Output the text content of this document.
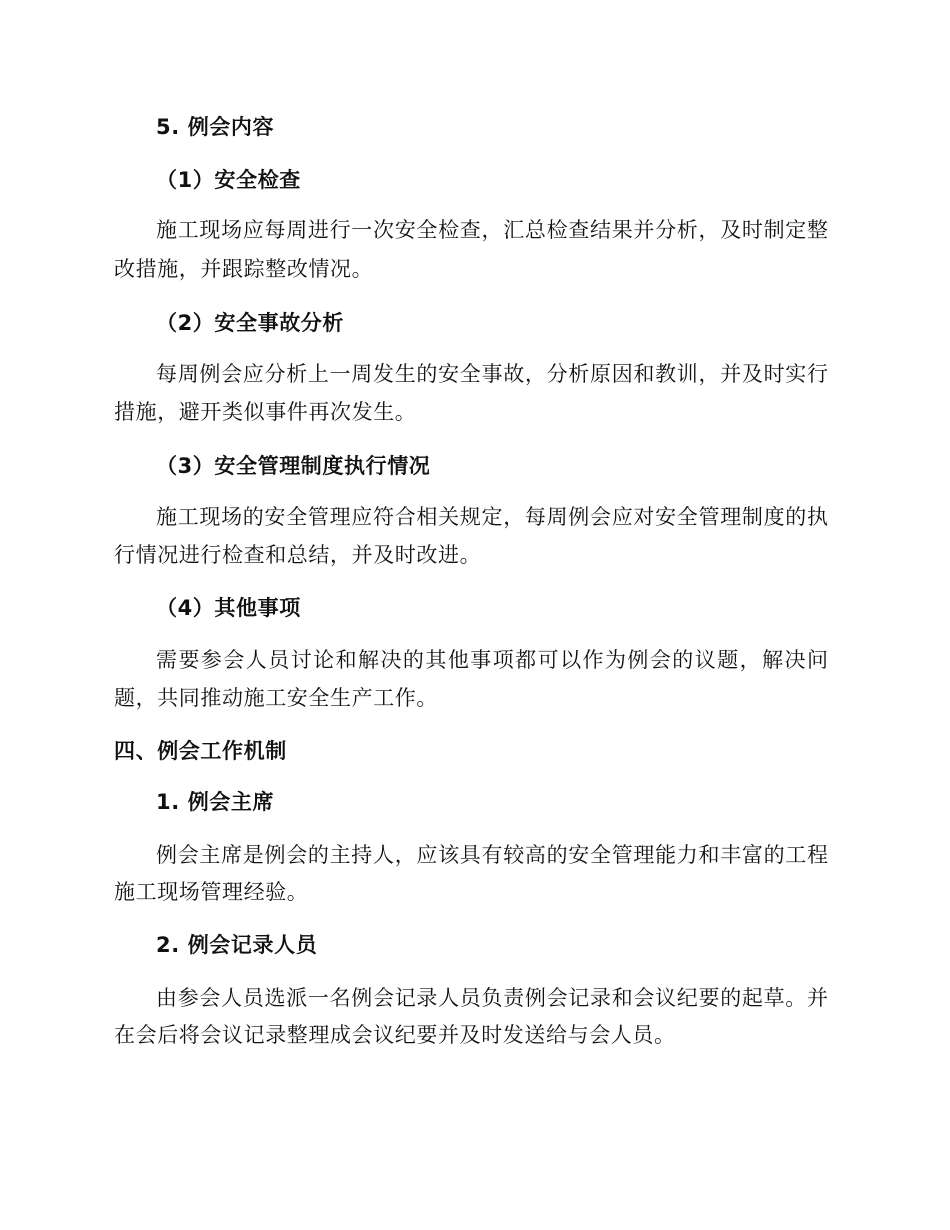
5. 例会内容
（1）安全检查
施工现场应每周进行一次安全检查，汇总检查结果并分析，及时制定整
改措施，并跟踪整改情况。
（2）安全事故分析
每周例会应分析上一周发生的安全事故，分析原因和教训，并及时实行
措施，避开类似事件再次发生。
（3）安全管理制度执行情况
施工现场的安全管理应符合相关规定，每周例会应对安全管理制度的执
行情况进行检查和总结，并及时改进。
（4）其他事项
需要参会人员讨论和解决的其他事项都可以作为例会的议题，解决问
题，共同推动施工安全生产工作。
四、例会工作机制
1. 例会主席
例会主席是例会的主持人，应该具有较高的安全管理能力和丰富的工程
施工现场管理经验。
2. 例会记录人员
由参会人员选派一名例会记录人员负责例会记录和会议纪要的起草。并
在会后将会议记录整理成会议纪要并及时发送给与会人员。
